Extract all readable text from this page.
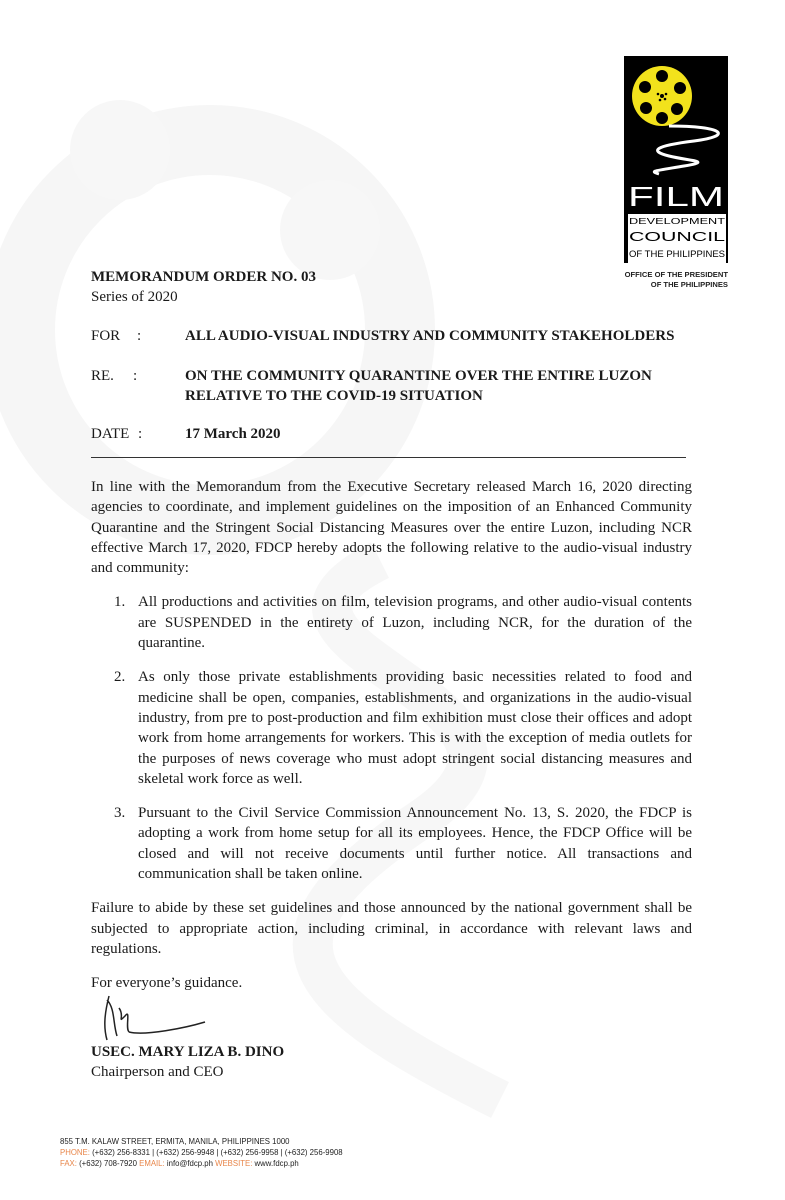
FILM
DEVELOPMENT
COUNCIL
OF THE PHILIPPINES
OFFICE OF THE PRESIDENT
OF THE PHILIPPINES
MEMORANDUM ORDER NO. 03
Series of 2020
FOR :	ALL AUDIO-VISUAL INDUSTRY AND COMMUNITY STAKEHOLDERS
RE. :	ON THE COMMUNITY QUARANTINE OVER THE ENTIRE LUZON
RELATIVE TO THE COVID-19 SITUATION
DATE :	17 March 2020
In line with the Memorandum from the Executive Secretary released March 16, 2020 directing agencies to coordinate, and implement guidelines on the imposition of an Enhanced Community Quarantine and the Stringent Social Distancing Measures over the entire Luzon, including NCR effective March 17, 2020, FDCP hereby adopts the following relative to the audio-visual industry and community:
1. All productions and activities on film, television programs, and other audio-visual contents are SUSPENDED in the entirety of Luzon, including NCR, for the duration of the quarantine.
2. As only those private establishments providing basic necessities related to food and medicine shall be open, companies, establishments, and organizations in the audio-visual industry, from pre to post-production and film exhibition must close their offices and adopt work from home arrangements for workers. This is with the exception of media outlets for the purposes of news coverage who must adopt stringent social distancing measures and skeletal work force as well.
3. Pursuant to the Civil Service Commission Announcement No. 13, S. 2020, the FDCP is adopting a work from home setup for all its employees. Hence, the FDCP Office will be closed and will not receive documents until further notice. All transactions and communication shall be taken online.
Failure to abide by these set guidelines and those announced by the national government shall be subjected to appropriate action, including criminal, in accordance with relevant laws and regulations.
For everyone’s guidance.
USEC. MARY LIZA B. DINO
Chairperson and CEO
855 T.M. KALAW STREET, ERMITA, MANILA, PHILIPPINES 1000
PHONE: (+632) 256-8331 | (+632) 256-9948 | (+632) 256-9958 | (+632) 256-9908
FAX: (+632) 708-7920 EMAIL: info@fdcp.ph WEBSITE: www.fdcp.ph
